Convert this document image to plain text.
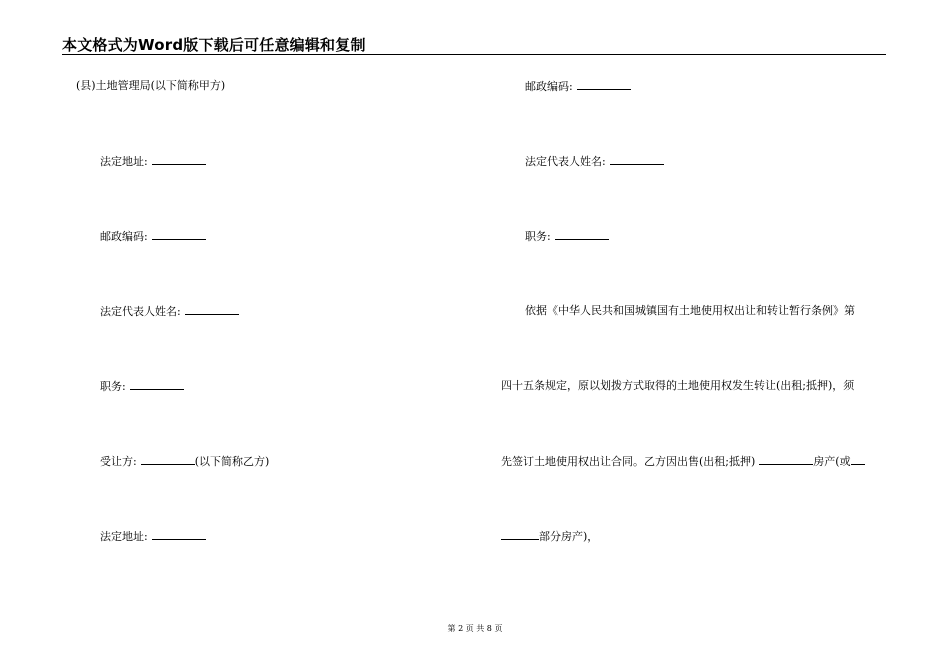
本文格式为Word版下载后可任意编辑和复制
(县)土地管理局(以下简称甲方)
法定地址:
邮政编码:
法定代表人姓名:
职务:
受让方:	(以下简称乙方)
法定地址:
邮政编码:
法定代表人姓名:
职务:
依据《中华人民共和国城镇国有土地使用权出让和转让暂行条例》第
四十五条规定，原以划拨方式取得的土地使用权发生转让(出租;抵押)，须
先签订土地使用权出让合同。乙方因出售(出租;抵押)	房产(或
部分房产)，
第 2 页 共 8 页
